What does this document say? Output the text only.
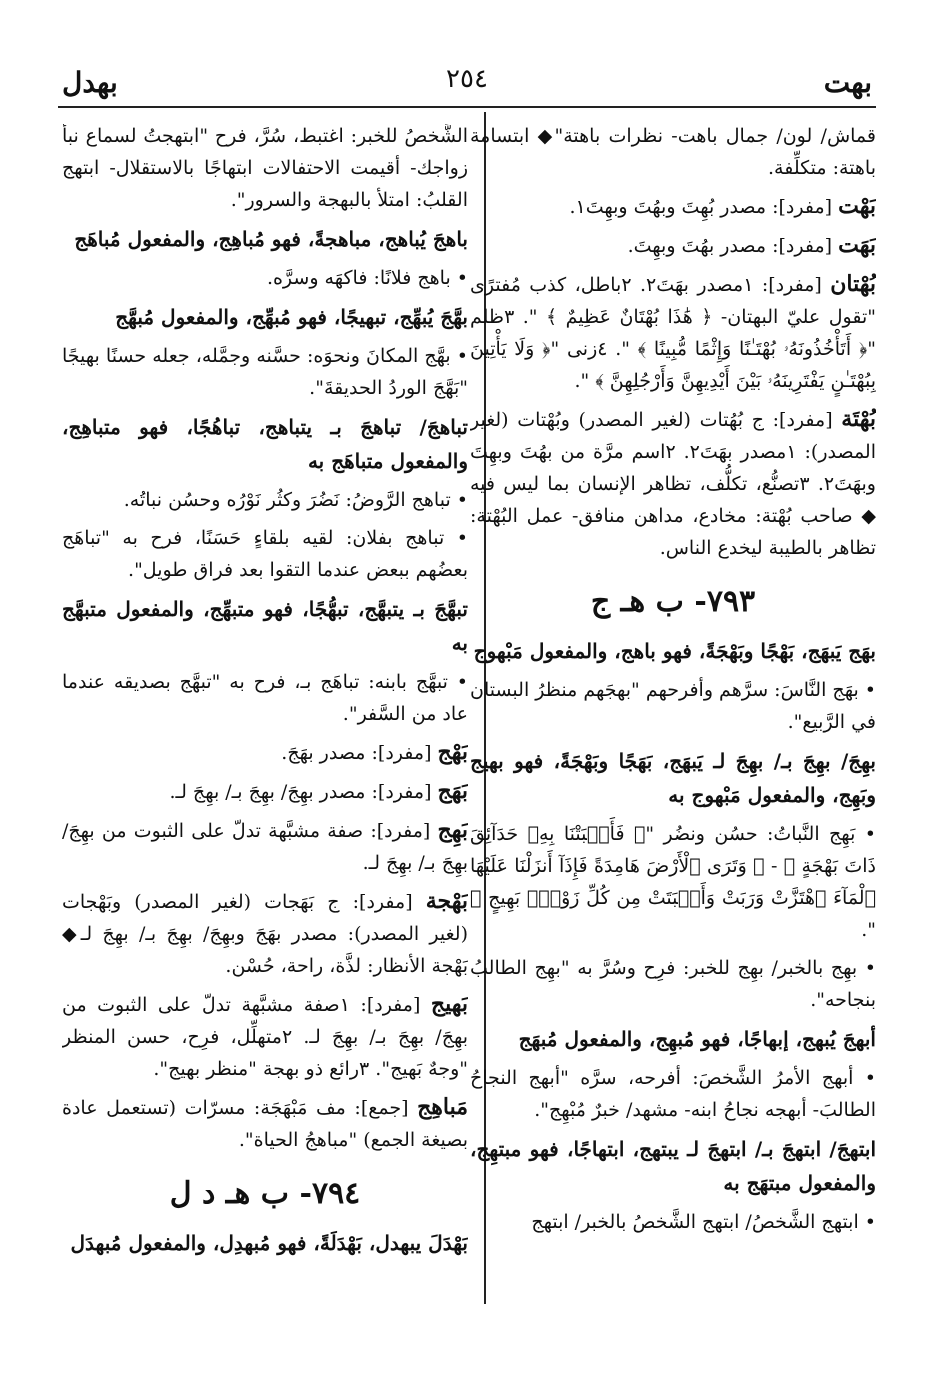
بهت
٢٥٤
بهدل
قماش/ لون/ جمال باهت- نظرات باهتة"◆ ابتسامة باهتة: متكلِّفة.
بَهْت [مفرد]: مصدر بُهِتَ وبهُتَ وبهِتَ١.
بَهَت [مفرد]: مصدر بهُتَ وبهِتَ.
بُهْتان [مفرد]: ١مصدر بهَتَ٢. ٢باطل، كذب مُفترًى "تقول عليّ البهتان- ﴿ هَٰذَا بُهْتَانٌ عَظِيمٌ ﴾ ". ٣ظلم "﴿ أَتَأْخُذُونَهُۥ بُهْتَـٰنًا وَإِثْمًا مُّبِينًا ﴾ ". ٤زنى "﴿ وَلَا يَأْتِينَ بِبُهْتَـٰنٍ يَفْتَرِينَهُۥ بَيْنَ أَيْدِيهِنَّ وَأَرْجُلِهِنَّ ﴾ ".
بُهْتَة [مفرد]: ج بُهُتات (لغير المصدر) وبُهْتات (لغير المصدر): ١مصدر بهَتَ٢. ٢اسم مرَّة من بهُتَ وبهِتَ وبهَتَ٢. ٣تصنُّع، تكلُّف، تظاهر الإنسان بما ليس فيه ◆ صاحب بُهْتة: مخادع، مداهن منافق- عمل البُهْتة: تظاهر بالطيبة ليخدع الناس.
٧٩٣- ب هـ ج
بهَج يَبهَج، بَهْجًا وبَهْجَةً، فهو باهج، والمفعول مَبْهوج
• بهَج النَّاسَ: سرَّهم وأفرحهم "بهجَهم منظرُ البستان في الرَّبيع".
بهِجَ/ بهِجَ بـ/ بهِجَ لـ يَبهَج، بَهَجًا وبَهْجَةً، فهو بهيج وبَهِج، والمفعول مَبْهوج به
• بَهِج النَّباتُ: حسُن ونضُر "﴿ فَأَنۢبَتْنَا بِهِۦ حَدَآئِقَ ذَاتَ بَهْجَةٍ ﴾ - ﴿ وَتَرَى ٱلْأَرْضَ هَامِدَةً فَإِذَآ أَنزَلْنَا عَلَيْهَا ٱلْمَآءَ ٱهْتَزَّتْ وَرَبَتْ وَأَنۢبَتَتْ مِن كُلِّ زَوْجٍۭ بَهِيجٍ ﴾ ".
• بهِج بالخبر/ بهِج للخبر: فرِح وسُرَّ به "بهِج الطالبُ بنجاحه".
أبهجَ يُبهج، إبهاجًا، فهو مُبهِج، والمفعول مُبهَج
• أبهج الأمرُ الشَّخصَ: أفرحه، سرَّه "أبهج النجاحُ الطالبَ- أبهجه نجاحُ ابنه- مشهد/ خبرٌ مُبْهِج".
ابتهجَ/ ابتهجَ بـ/ ابتهجَ لـ يبتهج، ابتهاجًا، فهو مبتهِج، والمفعول مبتهَج به
• ابتهج الشَّخصُ/ ابتهج الشَّخصُ بالخبر/ ابتهج
الشَّخصُ للخبر: اغتبط، سُرَّ، فرح "ابتهجتُ لسماع نبأ زواجك- أقيمت الاحتفالات ابتهاجًا بالاستقلال- ابتهج القلبُ: امتلأ بالبهجة والسرور".
باهجَ يُباهج، مباهجةً، فهو مُباهِج، والمفعول مُباهَج
• باهج فلانًا: فاكهَه وسرَّه.
بهَّجَ يُبهِّج، تبهيجًا، فهو مُبهِّج، والمفعول مُبهَّج
• بهَّج المكانَ ونحوَه: حسَّنه وجمَّله، جعله حسنًا بهيجًا "بَهَّجَ الوردُ الحديقةَ".
تباهجَ/ تباهجَ بـ يتباهج، تباهُجًا، فهو متباهِج، والمفعول متباهَج به
• تباهج الرَّوضُ: نَضُرَ وكثُر نَوْرُه وحسُن نباتُه.
• تباهج بفلان: لقيه بلقاءٍ حَسَنًا، فرح به "تباهَج بعضُهم ببعض عندما التقوا بعد فراق طويل".
تبهَّجَ بـ يتبهَّج، تبهُّجًا، فهو متبهِّج، والمفعول متبهَّج به
• تبهَّج بابنه: تباهَج بـ، فرح به "تبهَّج بصديقه عندما عاد من السَّفر".
بَهْج [مفرد]: مصدر بهَجَ.
بَهَج [مفرد]: مصدر بهِجَ/ بهِجَ بـ/ بهِجَ لـ.
بَهِج [مفرد]: صفة مشبَّهة تدلّ على الثبوت من بهِجَ/ بهِجَ بـ/ بهِجَ لـ.
بَهْجة [مفرد]: ج بَهَجات (لغير المصدر) وبَهْجات (لغير المصدر): مصدر بهَجَ وبهِجَ/ بهِجَ بـ/ بهِجَ لـ◆ بَهْجة الأنظار: لذَّة، راحة، حُسْن.
بَهيج [مفرد]: ١صفة مشبَّهة تدلّ على الثبوت من بهِجَ/ بهِجَ بـ/ بهِجَ لـ. ٢متهلِّل، فرِح، حسن المنظر "وجهٌ بَهيج". ٣رائع ذو بهجة "منظر بهيج".
مَباهِج [جمع]: مف مَبْهَجَة: مسرّات (تستعمل عادة بصيغة الجمع) "مباهجُ الحياة".
٧٩٤- ب هـ د ل
بَهْدَلَ يبهدل، بَهْدَلَةً، فهو مُبهدِل، والمفعول مُبهدَل
